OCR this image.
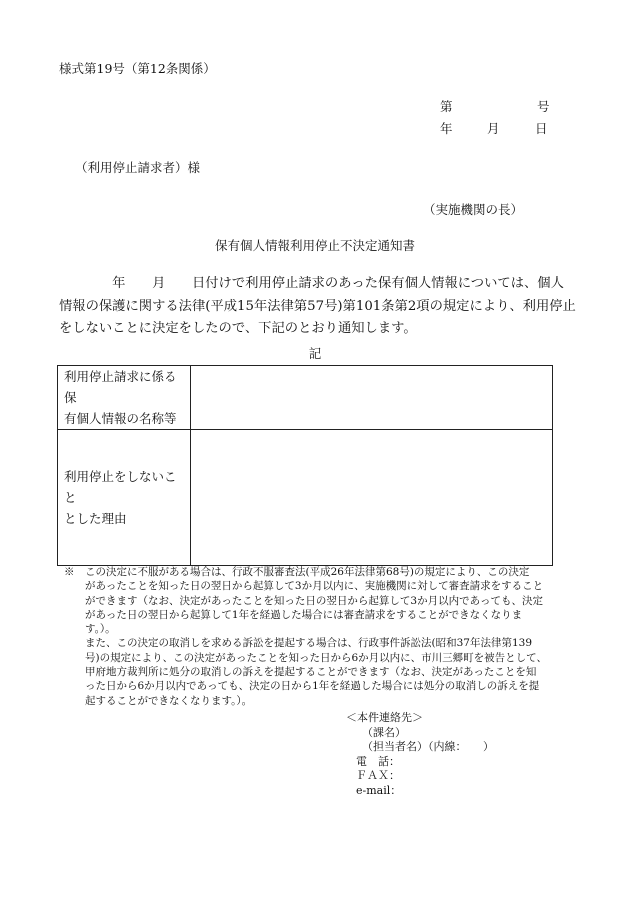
様式第19号（第12条関係）
第	号
年	月	日
（利用停止請求者）様
（実施機関の長）
保有個人情報利用停止不決定通知書
　　　　年　　月　　日付けで利用停止請求のあった保有個人情報については、個人
情報の保護に関する法律(平成15年法律第57号)第101条第2項の規定により、利用停止
をしないことに決定をしたので、下記のとおり通知します。
記
利用停止請求に係る保
有個人情報の名称等	
利用停止をしないこと
とした理由	
※　この決定に不服がある場合は、行政不服審査法(平成26年法律第68号)の規定により、この決定
　　があったことを知った日の翌日から起算して3か月以内に、実施機関に対して審査請求をすること
　　ができます（なお、決定があったことを知った日の翌日から起算して3か月以内であっても、決定
　　があった日の翌日から起算して1年を経過した場合には審査請求をすることができなくなりま
　　す。）。
　　また、この決定の取消しを求める訴訟を提起する場合は、行政事件訴訟法(昭和37年法律第139
　　号)の規定により、この決定があったことを知った日から6か月以内に、市川三郷町を被告として、
　　甲府地方裁判所に処分の取消しの訴えを提起することができます（なお、決定があったことを知
　　った日から6か月以内であっても、決定の日から1年を経過した場合には処分の取消しの訴えを提
　　起することができなくなります。）。
＜本件連絡先＞
（課名）
（担当者名）（内線：　　）
電　話：
ＦＡＸ：
e-mail：
